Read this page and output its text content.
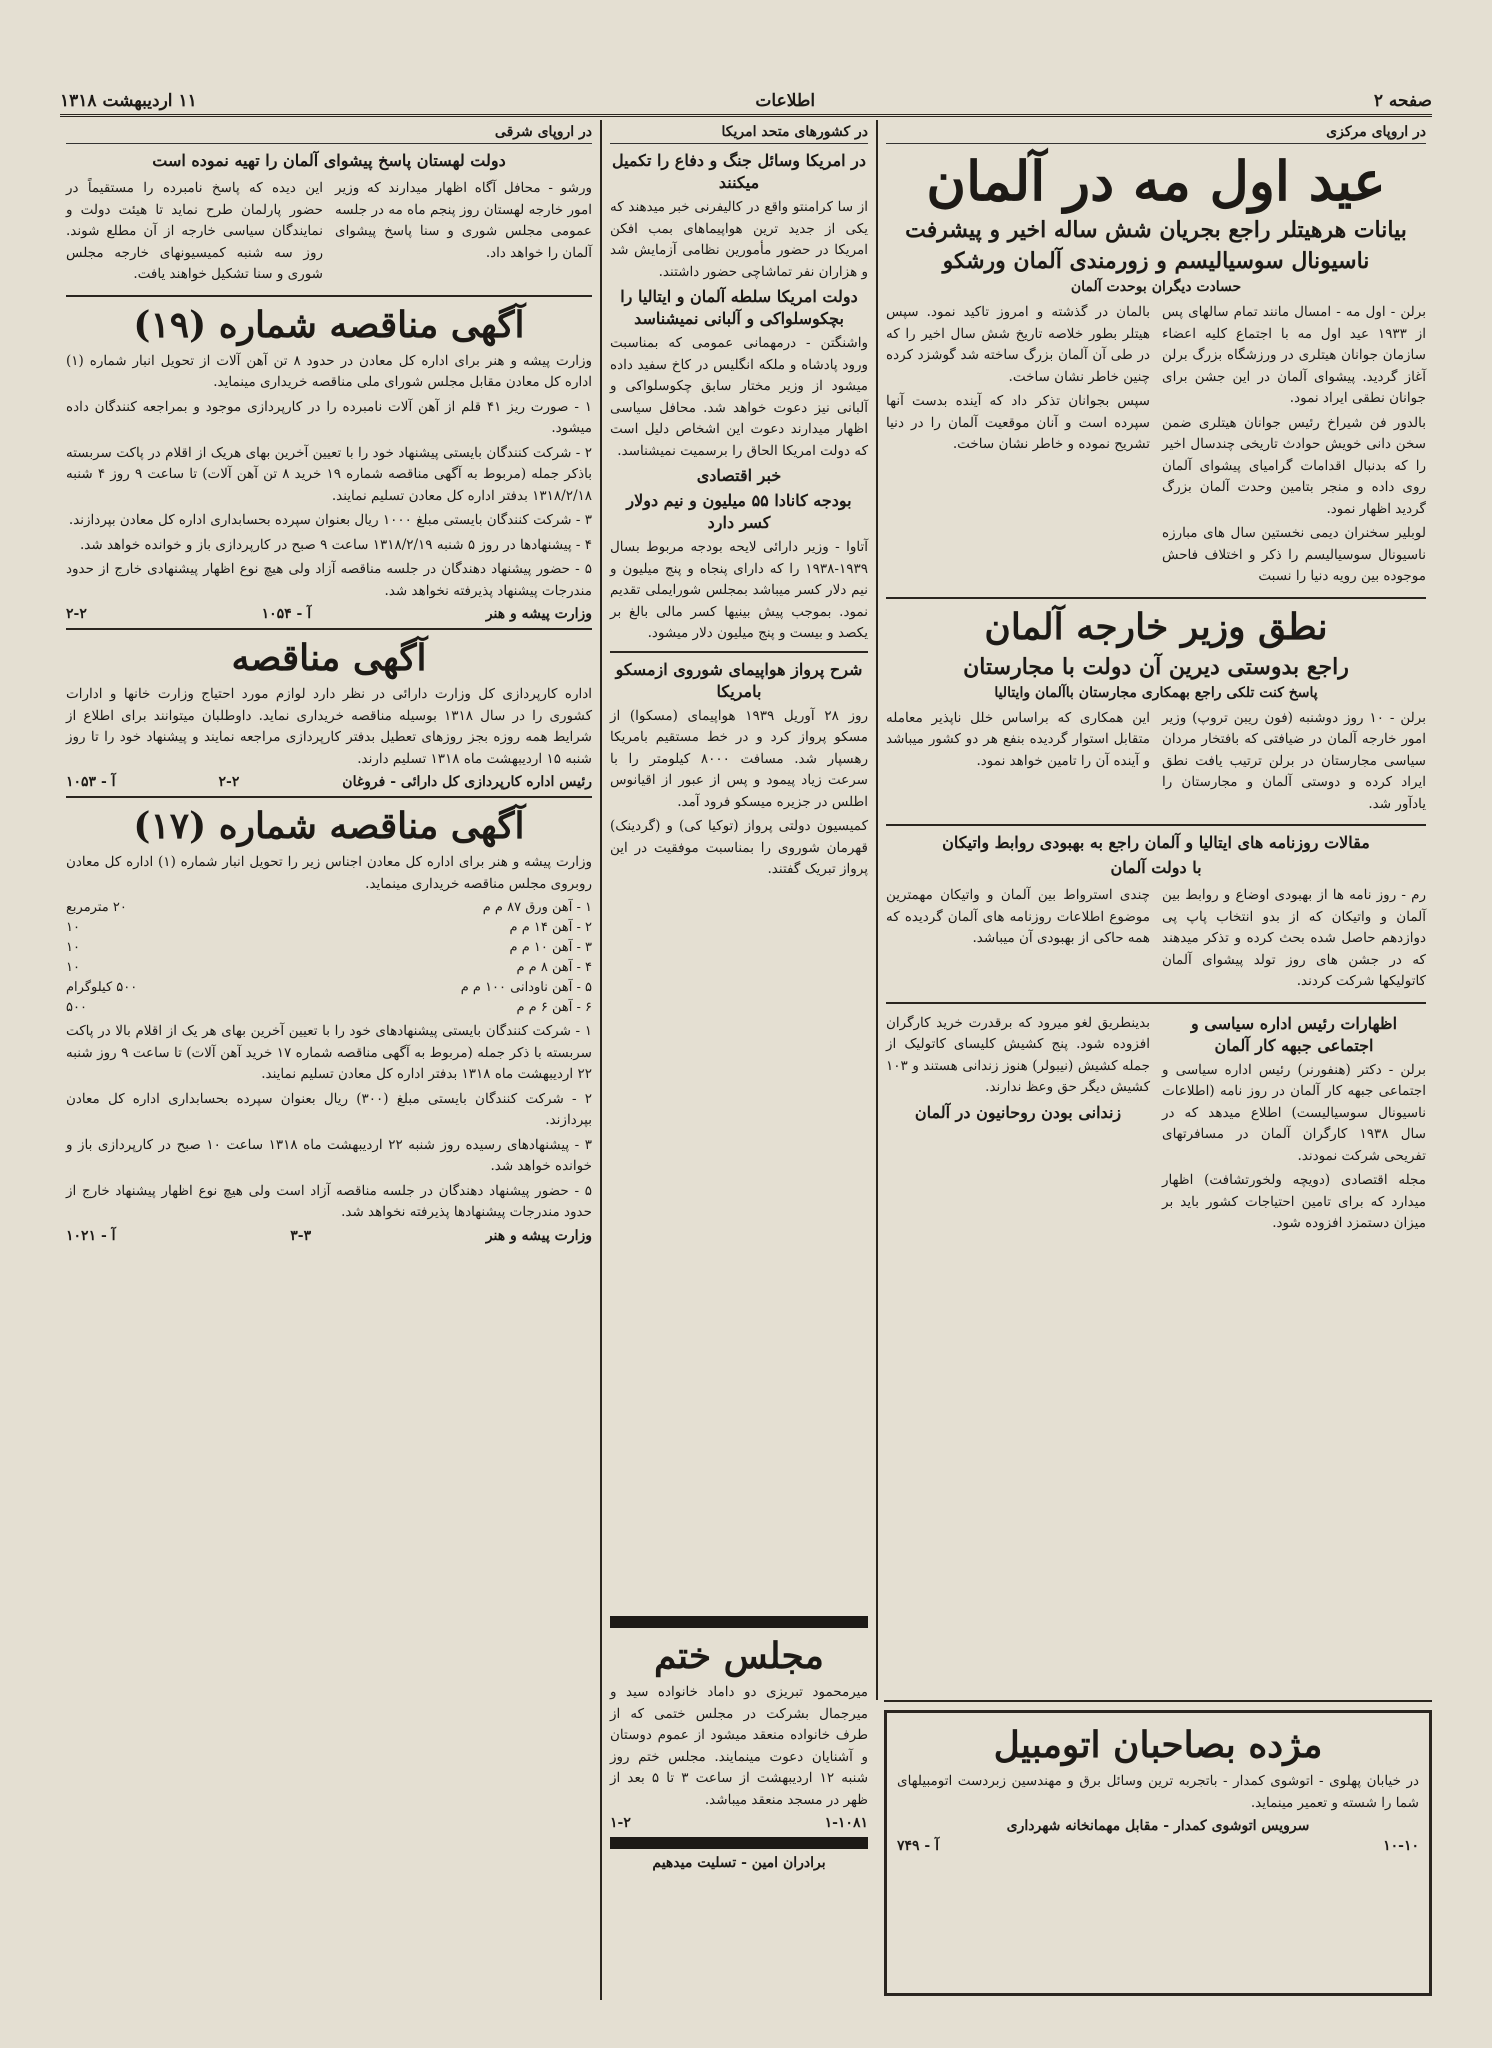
صفحه ۲
اطلاعات
۱۱ اردیبهشت ۱۳۱۸
در اروپای مرکزی
عید اول مه در آلمان
بیانات هرهیتلر راجع بجریان شش ساله اخیر و پیشرفت
ناسیونال سوسیالیسم و زورمندی آلمان ورشکو
حسادت دیگران بوحدت آلمان

برلن - اول مه - امسال مانند تمام سالهای پس از ۱۹۳۳ عید اول مه با اجتماع کلیه اعضاء سازمان جوانان هیتلری در ورزشگاه بزرگ برلن آغاز گردید. پیشوای آلمان در این جشن برای جوانان نطقی ایراد نمود.

بالدور فن شیراخ رئیس جوانان هیتلری ضمن سخن دانی خویش حوادث تاریخی چندسال اخیر را که بدنبال اقدامات گرامیای پیشوای آلمان روی داده و منجر بتامین وحدت آلمان بزرگ گردید اظهار نمود.

لوبلیر سخنران دیمی نخستین سال های مبارزه ناسیونال سوسیالیسم را ذکر و اختلاف فاحش موجوده بین رویه دنیا را نسبت

بالمان در گذشته و امروز تاکید نمود. سپس هیتلر بطور خلاصه تاریخ شش سال اخیر را که در طی آن آلمان بزرگ ساخته شد گوشزد کرده چنین خاطر نشان ساخت.

سپس بجوانان تذکر داد که آینده بدست آنها سپرده است و آنان موقعیت آلمان را در دنیا تشریح نموده و خاطر نشان ساخت.

نطق وزیر خارجه آلمان
راجع بدوستی دیرین آن دولت با مجارستان
پاسخ کنت تلکی راجع بهمکاری مجارستان باآلمان وایتالیا

برلن - ۱۰ روز دوشنبه (فون ریبن تروپ) وزیر امور خارجه آلمان در ضیافتی که بافتخار مردان سیاسی مجارستان در برلن ترتیب یافت نطق ایراد کرده و دوستی آلمان و مجارستان را یادآور شد.

این همکاری که براساس خلل ناپذیر معامله متقابل استوار گردیده بنفع هر دو کشور میباشد و آینده آن را تامین خواهد نمود.

مقالات روزنامه های ایتالیا و آلمان راجع به بهبودی روابط واتیکان
با دولت آلمان

رم - روز نامه ها از بهبودی اوضاع و روابط بین آلمان و واتیکان که از بدو انتخاب پاپ پی دوازدهم حاصل شده بحث کرده و تذکر میدهند که در جشن های روز تولد پیشوای آلمان کاتولیکها شرکت کردند.

چندی استرواط بین آلمان و واتیکان مهمترین موضوع اطلاعات روزنامه های آلمان گردیده که همه حاکی از بهبودی آن میباشد.

اظهارات رئیس اداره سیاسی و اجتماعی جبهه کار آلمان

برلن - دکتر (هنفورنر) رئیس اداره سیاسی و اجتماعی جبهه کار آلمان در روز نامه (اطلاعات ناسیونال سوسیالیست) اطلاع میدهد که در سال ۱۹۳۸ کارگران آلمان در مسافرتهای تفریحی شرکت نمودند.

مجله اقتصادی (دویچه ولخورتشافت) اظهار میدارد که برای تامین احتیاجات کشور باید بر میزان دستمزد افزوده شود.

بدینطریق لغو میرود که برقدرت خرید کارگران افزوده شود. پنج کشیش کلیسای کاتولیک از جمله کشیش (نیبولر) هنوز زندانی هستند و ۱۰۳ کشیش دیگر حق وعظ ندارند.

زندانی بودن روحانیون در آلمان
مژده بصاحبان اتومبیل

در خیابان پهلوی - اتوشوی کمدار - باتجربه ترین وسائل برق و مهندسین زبردست اتومبیلهای شما را شسته و تعمیر مینماید.

سرویس اتوشوی کمدار - مقابل مهمانخانه شهرداری
۱۰-۱۰
آ - ۷۴۹
در کشورهای متحد امریکا
در امریکا وسائل جنگ و دفاع را تکمیل میکنند

از سا کرامنتو واقع در کالیفرنی خبر میدهند که یکی از جدید ترین هواپیماهای بمب افکن امریکا در حضور مأمورین نظامی آزمایش شد و هزاران نفر تماشاچی حضور داشتند.

دولت امریکا سلطه آلمان و ایتالیا را بچکوسلواکی و آلبانی نمیشناسد

واشنگتن - درمهمانی عمومی که بمناسبت ورود پادشاه و ملکه انگلیس در کاخ سفید داده میشود از وزیر مختار سابق چکوسلواکی و آلبانی نیز دعوت خواهد شد. محافل سیاسی اظهار میدارند دعوت این اشخاص دلیل است که دولت امریکا الحاق را برسمیت نمیشناسد.

خبر اقتصادی
بودجه کانادا ۵۵ میلیون و نیم دولار کسر دارد

آتاوا - وزیر دارائی لایحه بودجه مربوط بسال ۱۹۳۹-۱۹۳۸ را که دارای پنجاه و پنج میلیون و نیم دلار کسر میباشد بمجلس شورایملی تقدیم نمود. بموجب پیش بینیها کسر مالی بالغ بر یکصد و بیست و پنج میلیون دلار میشود.

شرح پرواز هواپیمای شوروی ازمسکو بامریکا

روز ۲۸ آوریل ۱۹۳۹ هواپیمای (مسکوا) از مسکو پرواز کرد و در خط مستقیم بامریکا رهسپار شد. مسافت ۸۰۰۰ کیلومتر را با سرعت زیاد پیمود و پس از عبور از اقیانوس اطلس در جزیره میسکو فرود آمد.

کمیسیون دولتی پرواز (توکیا کی) و (گردینک) قهرمان شوروی را بمناسبت موفقیت در این پرواز تبریک گفتند.

مجلس ختم

میرمحمود تبریزی دو داماد خانواده سید و میرجمال بشرکت در مجلس ختمی که از طرف خانواده منعقد میشود از عموم دوستان و آشنایان دعوت مینمایند. مجلس ختم روز شنبه ۱۲ اردیبهشت از ساعت ۳ تا ۵ بعد از ظهر در مسجد منعقد میباشد.

۱-۱۰۸۱
۱-۲
برادران امین - تسلیت میدهیم
در اروپای شرقی
دولت لهستان پاسخ پیشوای آلمان را تهیه نموده است

ورشو - محافل آگاه اظهار میدارند که وزیر امور خارجه لهستان روز پنجم ماه مه در جلسه عمومی مجلس شوری و سنا پاسخ پیشوای آلمان را خواهد داد.

این دیده که پاسخ نامبرده را مستقیماً در حضور پارلمان طرح نماید تا هیئت دولت و نمایندگان سیاسی خارجه از آن مطلع شوند. روز سه شنبه کمیسیونهای خارجه مجلس شوری و سنا تشکیل خواهند یافت.

آگهی مناقصه شماره (۱۹)

وزارت پیشه و هنر برای اداره کل معادن در حدود ۸ تن آهن آلات از تحویل انبار شماره (۱) اداره کل معادن مقابل مجلس شورای ملی مناقصه خریداری مینماید.

۱ - صورت ریز ۴۱ قلم از آهن آلات نامبرده را در کارپردازی موجود و بمراجعه کنندگان داده میشود.

۲ - شرکت کنندگان بایستی پیشنهاد خود را با تعیین آخرین بهای هریک از اقلام در پاکت سربسته باذکر جمله (مربوط به آگهی مناقصه شماره ۱۹ خرید ۸ تن آهن آلات) تا ساعت ۹ روز ۴ شنبه ۱۳۱۸/۲/۱۸ بدفتر اداره کل معادن تسلیم نمایند.

۳ - شرکت کنندگان بایستی مبلغ ۱۰۰۰ ریال بعنوان سپرده بحسابداری اداره کل معادن بپردازند.

۴ - پیشنهادها در روز ۵ شنبه ۱۳۱۸/۲/۱۹ ساعت ۹ صبح در کارپردازی باز و خوانده خواهد شد.

۵ - حضور پیشنهاد دهندگان در جلسه مناقصه آزاد ولی هیچ نوع اظهار پیشنهادی خارج از حدود مندرجات پیشنهاد پذیرفته نخواهد شد.

وزارت پیشه و هنر
آ - ۱۰۵۴
۲-۲
آگهی مناقصه

اداره کارپردازی کل وزارت دارائی در نظر دارد لوازم مورد احتیاج وزارت خانها و ادارات کشوری را در سال ۱۳۱۸ بوسیله مناقصه خریداری نماید. داوطلبان میتوانند برای اطلاع از شرایط همه روزه بجز روزهای تعطیل بدفتر کارپردازی مراجعه نمایند و پیشنهاد خود را تا روز شنبه ۱۵ اردیبهشت ماه ۱۳۱۸ تسلیم دارند.

رئیس اداره کارپردازی کل دارائی - فروغان
۲-۲
آ - ۱۰۵۳
آگهی مناقصه شماره (۱۷)

وزارت پیشه و هنر برای اداره کل معادن اجناس زیر را تحویل انبار شماره (۱) اداره کل معادن روبروی مجلس مناقصه خریداری مینماید.

۱ - آهن ورق ۸۷ م م
۲۰ مترمربع
۲ - آهن ۱۴ م م
۱۰
۳ - آهن ۱۰ م م
۱۰
۴ - آهن ۸ م م
۱۰
۵ - آهن ناودانی ۱۰۰ م م
۵۰۰ کیلوگرام
۶ - آهن ۶ م م
۵۰۰

۱ - شرکت کنندگان بایستی پیشنهادهای خود را با تعیین آخرین بهای هر یک از اقلام بالا در پاکت سربسته با ذکر جمله (مربوط به آگهی مناقصه شماره ۱۷ خرید آهن آلات) تا ساعت ۹ روز شنبه ۲۲ اردیبهشت ماه ۱۳۱۸ بدفتر اداره کل معادن تسلیم نمایند.

۲ - شرکت کنندگان بایستی مبلغ (۳۰۰) ریال بعنوان سپرده بحسابداری اداره کل معادن بپردازند.

۳ - پیشنهادهای رسیده روز شنبه ۲۲ اردیبهشت ماه ۱۳۱۸ ساعت ۱۰ صبح در کارپردازی باز و خوانده خواهد شد.

۵ - حضور پیشنهاد دهندگان در جلسه مناقصه آزاد است ولی هیچ نوع اظهار پیشنهاد خارج از حدود مندرجات پیشنهادها پذیرفته نخواهد شد.

وزارت پیشه و هنر
۳-۳
آ - ۱۰۲۱
